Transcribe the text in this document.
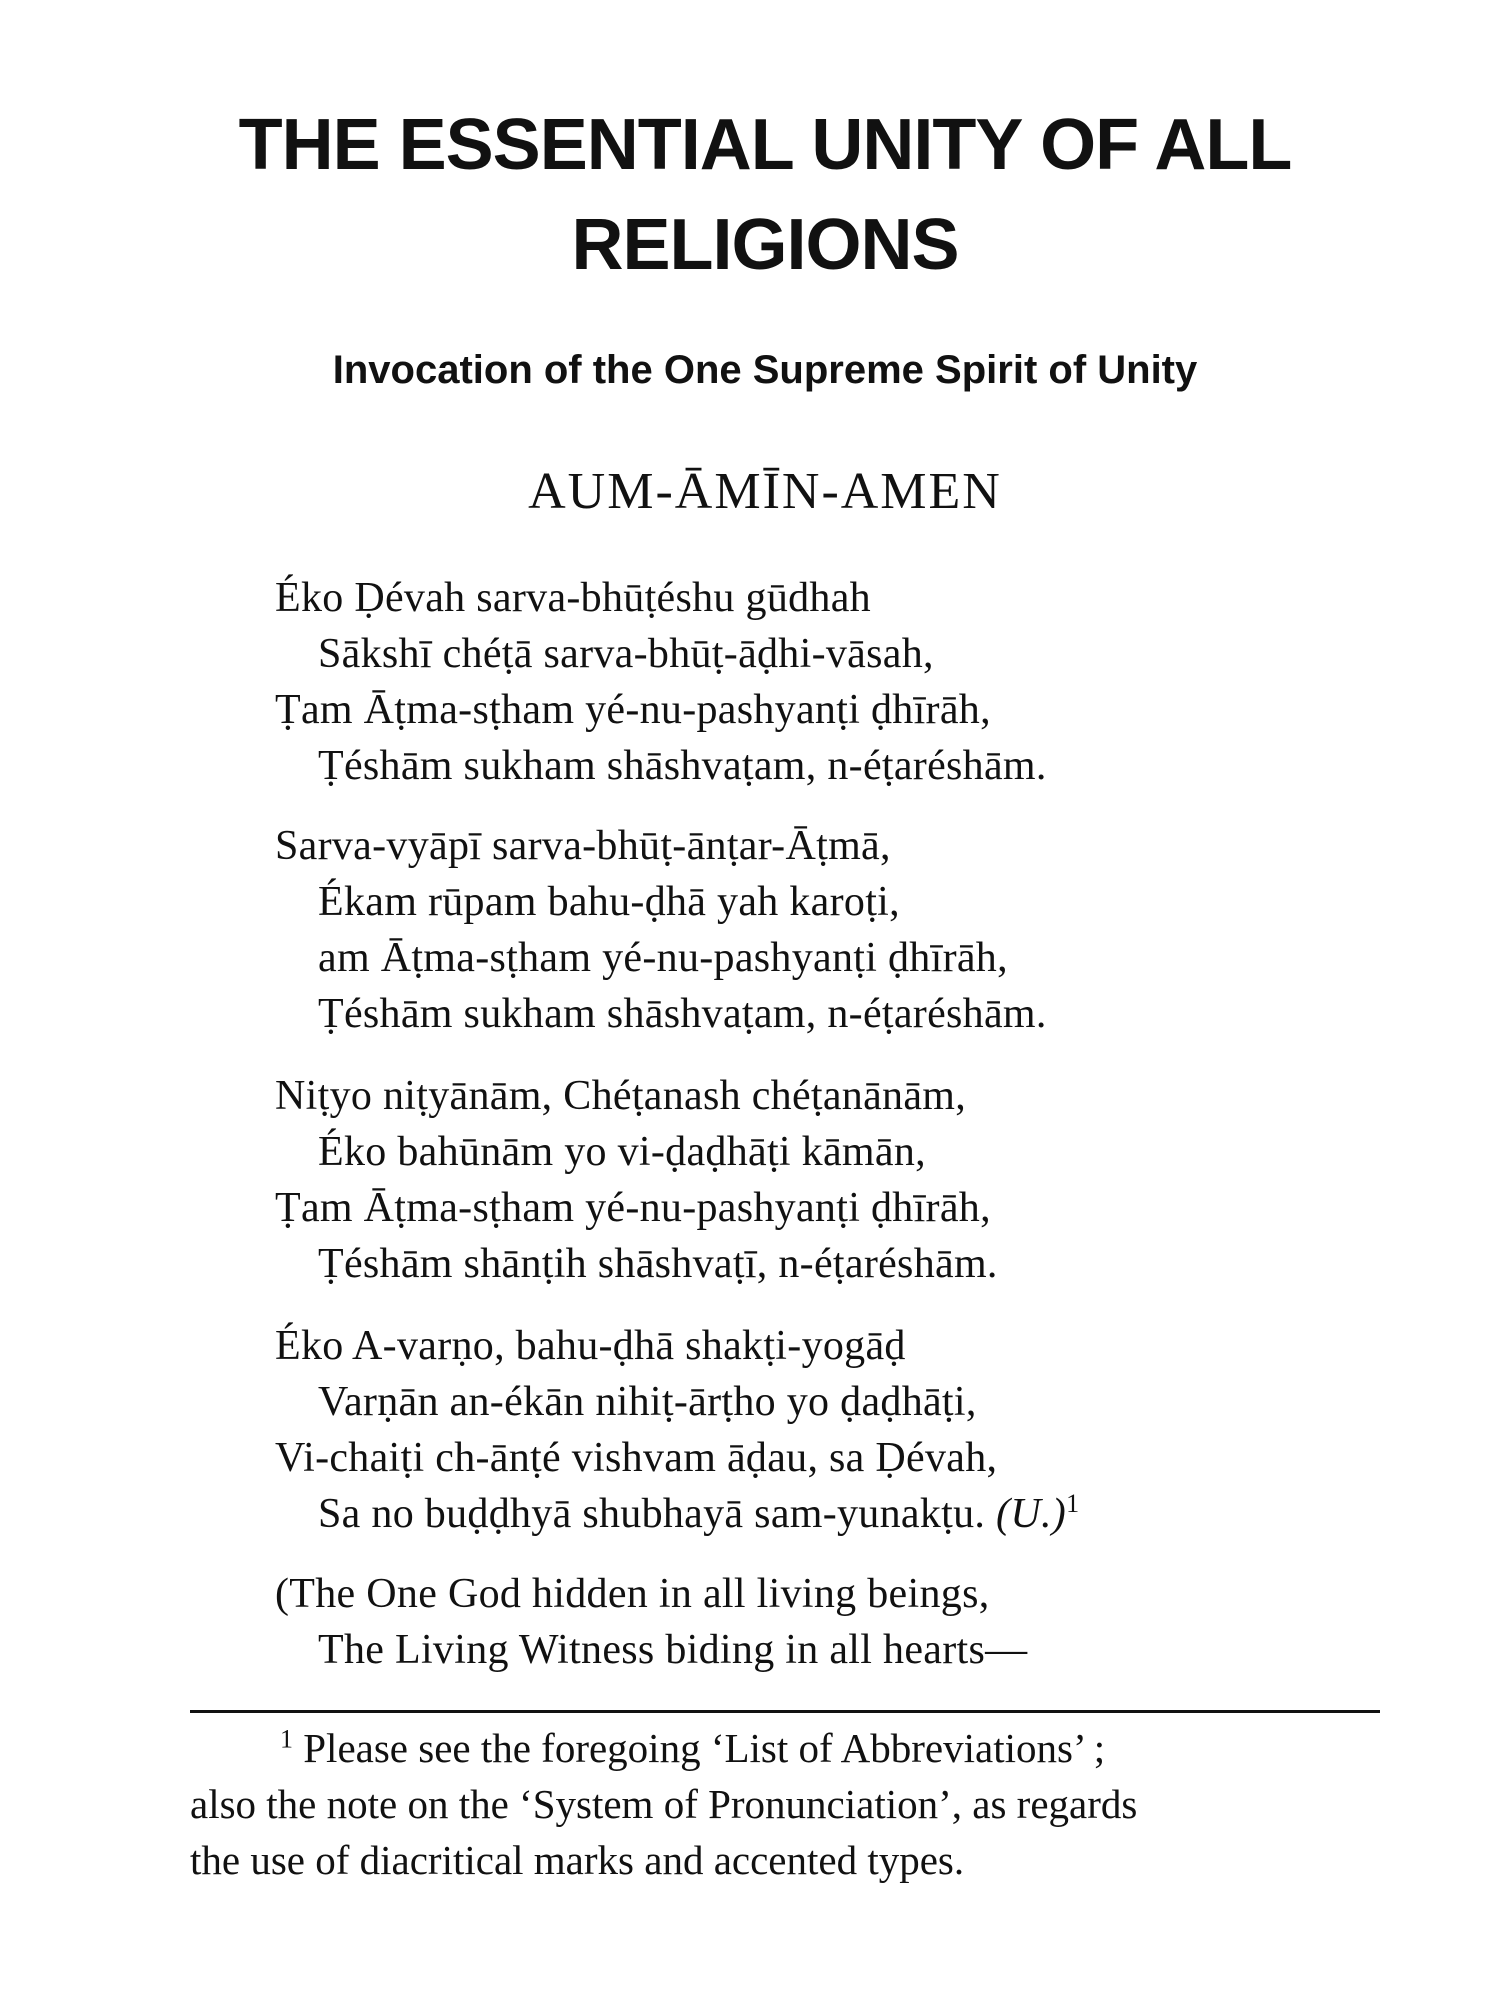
THE ESSENTIAL UNITY OF ALL
RELIGIONS

Invocation of the One Supreme Spirit of Unity

AUM-ĀMĪN-AMEN

Éko Ḍévah sarva-bhūṭéshu gūdhah
Sākshī chéṭā sarva-bhūṭ-āḍhi-vāsah,
Ṭam Āṭma-sṭham yé-nu-pashyanṭi ḍhīrāh,
Ṭéshām sukham shāshvaṭam, n-éṭaréshām.
Sarva-vyāpī sarva-bhūṭ-ānṭar-Āṭmā,
Ékam rūpam bahu-ḍhā yah karoṭi,
am Āṭma-sṭham yé-nu-pashyanṭi ḍhīrāh,
Ṭéshām sukham shāshvaṭam, n-éṭaréshām.
Niṭyo niṭyānām, Chéṭanash chéṭanānām,
Éko bahūnām yo vi-ḍaḍhāṭi kāmān,
Ṭam Āṭma-sṭham yé-nu-pashyanṭi ḍhīrāh,
Ṭéshām shānṭih shāshvaṭī, n-éṭaréshām.
Éko A-varṇo, bahu-ḍhā shakṭi-yogāḍ
Varṇān an-ékān nihiṭ-ārṭho yo ḍaḍhāṭi,
Vi-chaiṭi ch-ānṭé vishvam āḍau, sa Ḍévah,
Sa no buḍḍhyā shubhayā sam-yunakṭu. $(U.)^1$
(The One God hidden in all living beings,
The Living Witness biding in all hearts—
$^1$ Please see the foregoing ‘List of Abbreviations’ ;
also the note on the ‘System of Pronunciation’, as regards
the use of diacritical marks and accented types.
